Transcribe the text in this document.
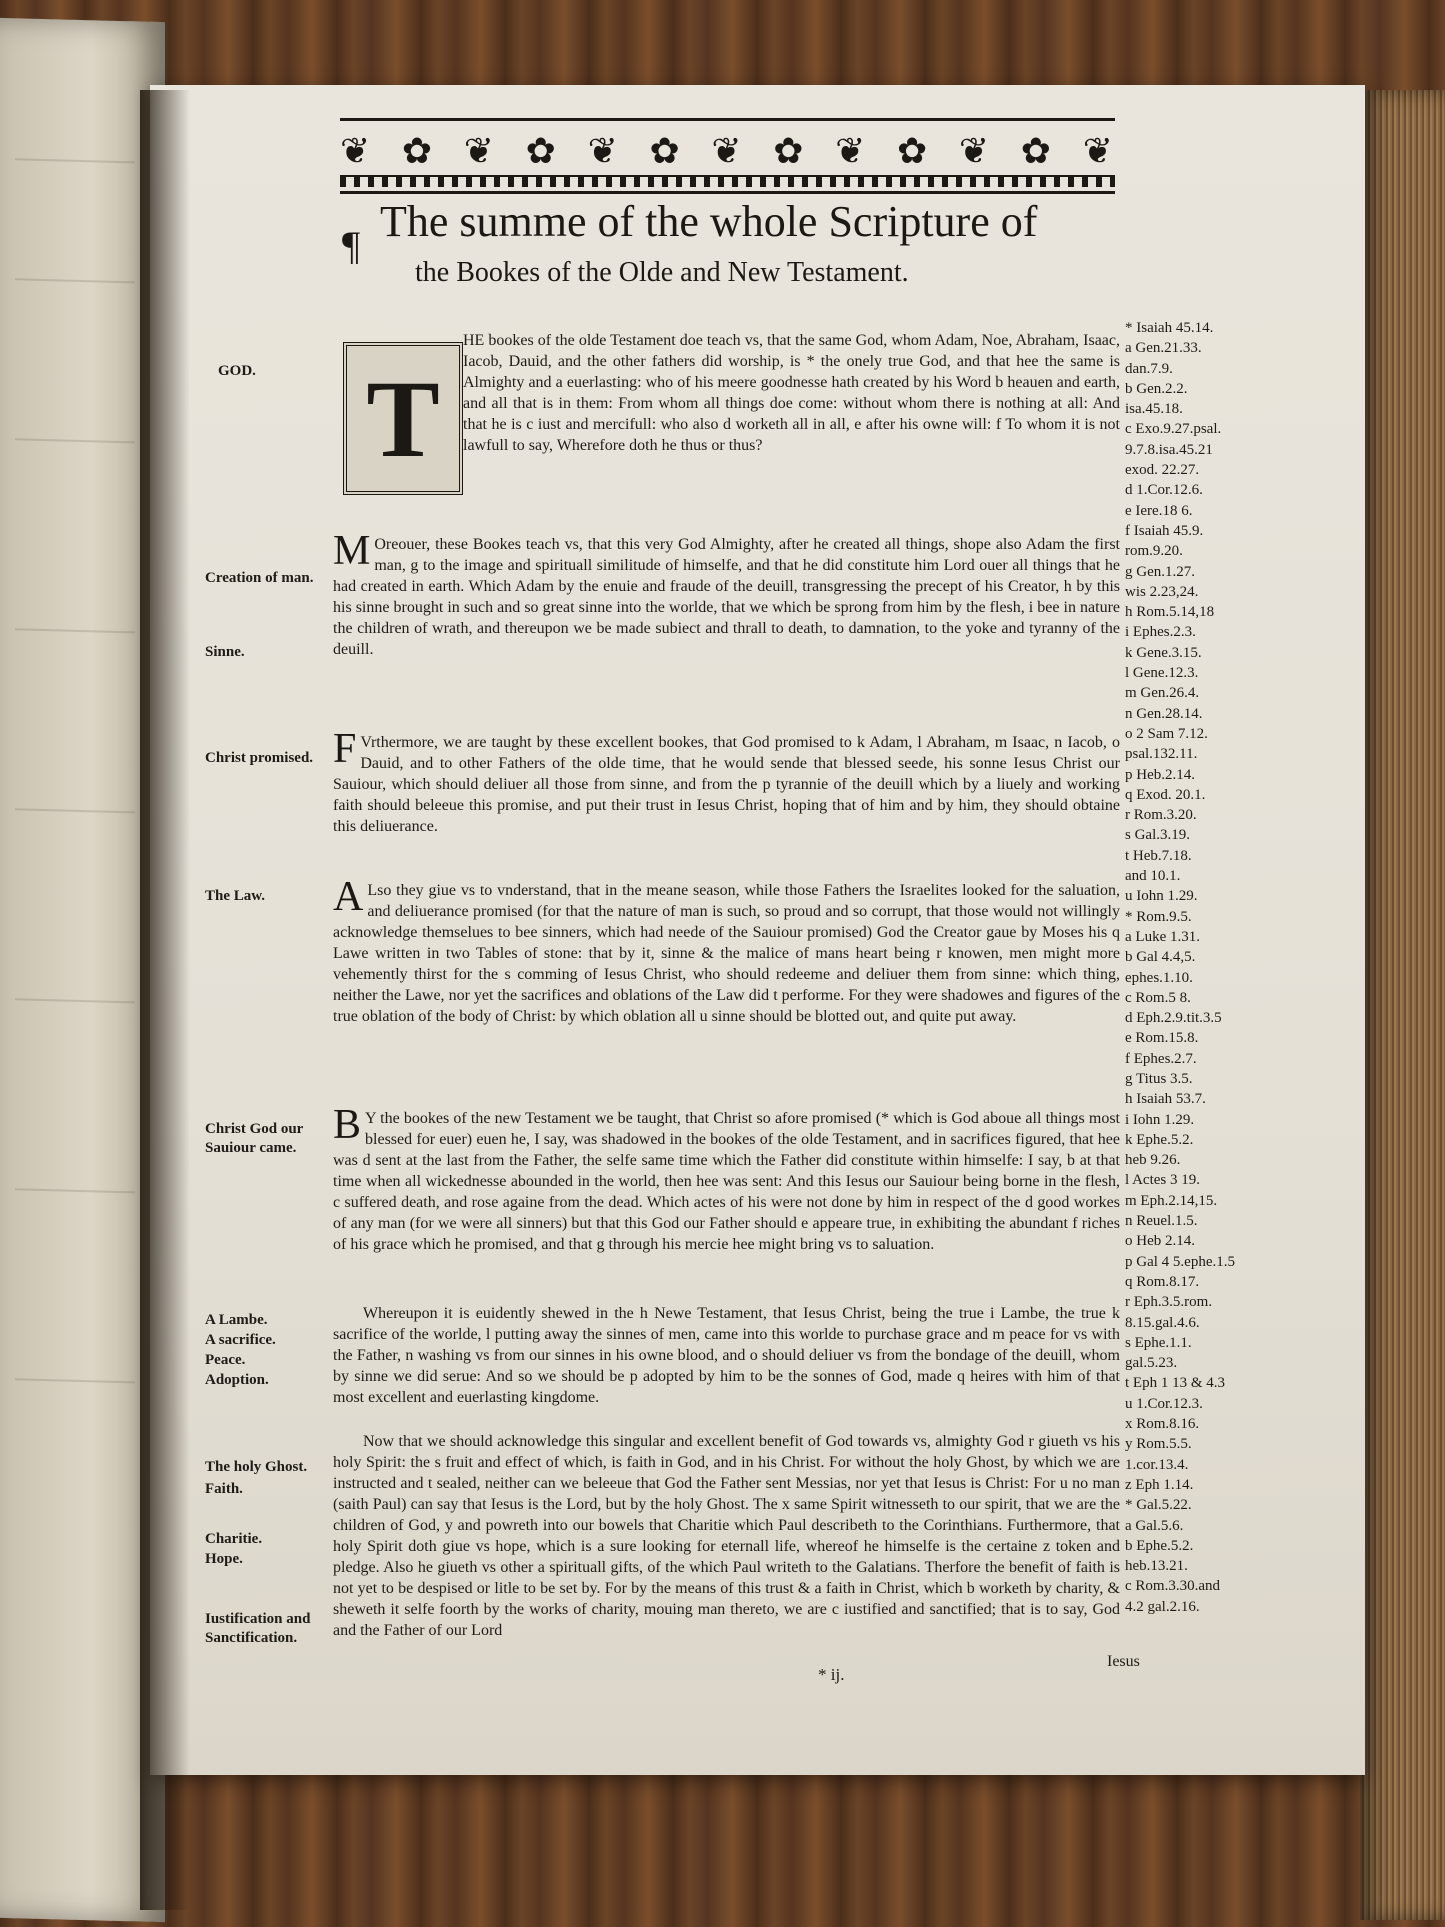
❦ ✿ ❦ ✿ ❦ ✿ ❦ ✿ ❦ ✿ ❦ ✿ ❦
¶ The summe of the whole Scripture of
the Bookes of the Olde and New Testament.
T
GOD.
Creation of man.
Sinne.
Christ promised.
The Law.
Christ God our Sauiour came.
A Lambe.
A sacrifice.
Peace.
Adoption.
The holy Ghost.
Faith.
Charitie.
Hope.
Iustification and Sanctification.
HE bookes of the olde Testament doe teach vs, that the same God, whom Adam, Noe, Abraham, Isaac, Iacob, Dauid, and the other fathers did worship, is * the onely true God, and that hee the same is Almighty and a euerlasting: who of his meere goodnesse hath created by his Word b heauen and earth, and all that is in them: From whom all things doe come: without whom there is nothing at all: And that he is c iust and mercifull: who also d worketh all in all, e after his owne will: f To whom it is not lawfull to say, Wherefore doth he thus or thus?
M Oreouer, these Bookes teach vs, that this very God Almighty, after he created all things, shope also Adam the first man, g to the image and spirituall similitude of himselfe, and that he did constitute him Lord ouer all things that he had created in earth. Which Adam by the enuie and fraude of the deuill, transgressing the precept of his Creator, h by this his sinne brought in such and so great sinne into the worlde, that we which be sprong from him by the flesh, i bee in nature the children of wrath, and thereupon we be made subiect and thrall to death, to damnation, to the yoke and tyranny of the deuill.
F Vrthermore, we are taught by these excellent bookes, that God promised to k Adam, l Abraham, m Isaac, n Iacob, o Dauid, and to other Fathers of the olde time, that he would sende that blessed seede, his sonne Iesus Christ our Sauiour, which should deliuer all those from sinne, and from the p tyrannie of the deuill which by a liuely and working faith should beleeue this promise, and put their trust in Iesus Christ, hoping that of him and by him, they should obtaine this deliuerance.
A Lso they giue vs to vnderstand, that in the meane season, while those Fathers the Israelites looked for the saluation, and deliuerance promised (for that the nature of man is such, so proud and so corrupt, that those would not willingly acknowledge themselues to bee sinners, which had neede of the Sauiour promised) God the Creator gaue by Moses his q Lawe written in two Tables of stone: that by it, sinne & the malice of mans heart being r knowen, men might more vehemently thirst for the s comming of Iesus Christ, who should redeeme and deliuer them from sinne: which thing, neither the Lawe, nor yet the sacrifices and oblations of the Law did t performe. For they were shadowes and figures of the true oblation of the body of Christ: by which oblation all u sinne should be blotted out, and quite put away.
B Y the bookes of the new Testament we be taught, that Christ so afore promised (* which is God aboue all things most blessed for euer) euen he, I say, was shadowed in the bookes of the olde Testament, and in sacrifices figured, that hee was d sent at the last from the Father, the selfe same time which the Father did constitute within himselfe: I say, b at that time when all wickednesse abounded in the world, then hee was sent: And this Iesus our Sauiour being borne in the flesh, c suffered death, and rose againe from the dead. Which actes of his were not done by him in respect of the d good workes of any man (for we were all sinners) but that this God our Father should e appeare true, in exhibiting the abundant f riches of his grace which he promised, and that g through his mercie hee might bring vs to saluation.
Whereupon it is euidently shewed in the h Newe Testament, that Iesus Christ, being the true i Lambe, the true k sacrifice of the worlde, l putting away the sinnes of men, came into this worlde to purchase grace and m peace for vs with the Father, n washing vs from our sinnes in his owne blood, and o should deliuer vs from the bondage of the deuill, whom by sinne we did serue: And so we should be p adopted by him to be the sonnes of God, made q heires with him of that most excellent and euerlasting kingdome.
Now that we should acknowledge this singular and excellent benefit of God towards vs, almighty God r giueth vs his holy Spirit: the s fruit and effect of which, is faith in God, and in his Christ. For without the holy Ghost, by which we are instructed and t sealed, neither can we beleeue that God the Father sent Messias, nor yet that Iesus is Christ: For u no man (saith Paul) can say that Iesus is the Lord, but by the holy Ghost. The x same Spirit witnesseth to our spirit, that we are the children of God, y and powreth into our bowels that Charitie which Paul describeth to the Corinthians. Furthermore, that holy Spirit doth giue vs hope, which is a sure looking for eternall life, whereof he himselfe is the certaine z token and pledge. Also he giueth vs other a spirituall gifts, of the which Paul writeth to the Galatians. Therfore the benefit of faith is not yet to be despised or litle to be set by. For by the means of this trust & a faith in Christ, which b worketh by charity, & sheweth it selfe foorth by the works of charity, mouing man thereto, we are c iustified and sanctified; that is to say, God and the Father of our Lord
* Isaiah 45.14.
a Gen.21.33.
dan.7.9.
b Gen.2.2.
isa.45.18.
c Exo.9.27.psal.
9.7.8.isa.45.21
exod. 22.27.
d 1.Cor.12.6.
e Iere.18 6.
f Isaiah 45.9.
rom.9.20.
g Gen.1.27.
wis 2.23,24.
h Rom.5.14,18
i Ephes.2.3.
k Gene.3.15.
l Gene.12.3.
m Gen.26.4.
n Gen.28.14.
o 2 Sam 7.12.
psal.132.11.
p Heb.2.14.
q Exod. 20.1.
r Rom.3.20.
s Gal.3.19.
t Heb.7.18.
and 10.1.
u Iohn 1.29.
* Rom.9.5.
a Luke 1.31.
b Gal 4.4,5.
ephes.1.10.
c Rom.5 8.
d Eph.2.9.tit.3.5
e Rom.15.8.
f Ephes.2.7.
g Titus 3.5.
h Isaiah 53.7.
i Iohn 1.29.
k Ephe.5.2.
heb 9.26.
l Actes 3 19.
m Eph.2.14,15.
n Reuel.1.5.
o Heb 2.14.
p Gal 4 5.ephe.1.5
q Rom.8.17.
r Eph.3.5.rom.
8.15.gal.4.6.
s Ephe.1.1.
gal.5.23.
t Eph 1 13 & 4.3
u 1.Cor.12.3.
x Rom.8.16.
y Rom.5.5.
1.cor.13.4.
z Eph 1.14.
* Gal.5.22.
a Gal.5.6.
b Ephe.5.2.
heb.13.21.
c Rom.3.30.and
4.2 gal.2.16.
* ij.
Iesus
